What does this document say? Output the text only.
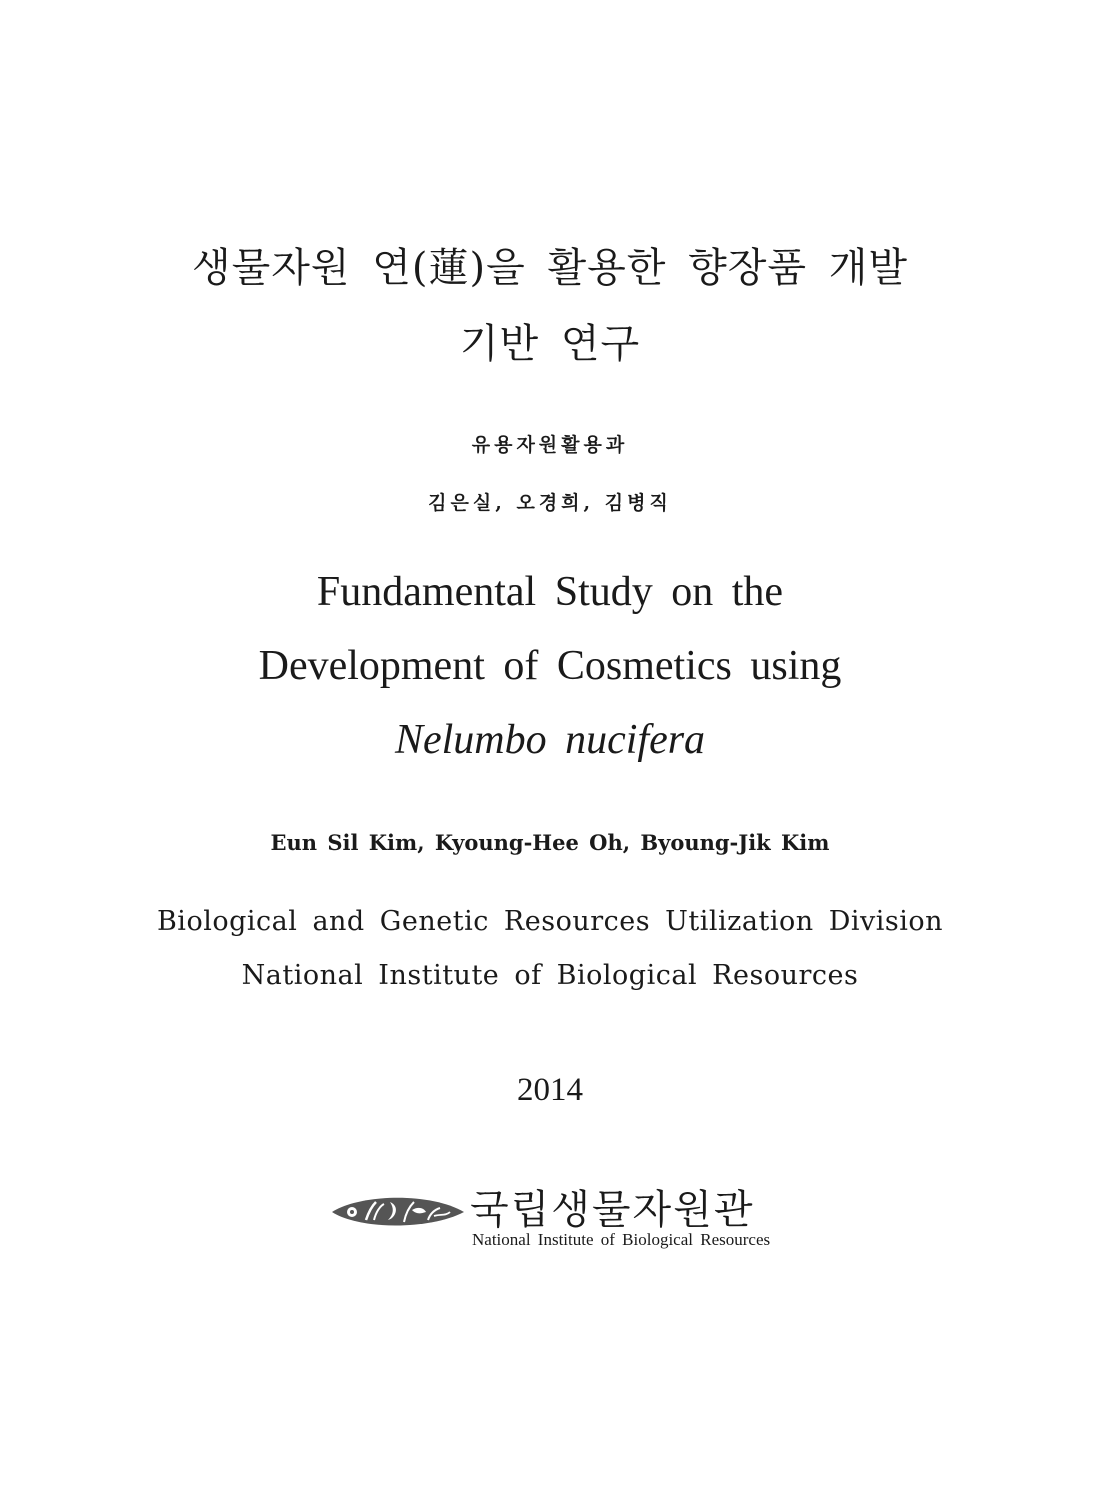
생물자원 연(蓮)을 활용한 향장품 개발
기반 연구
유용자원활용과
김은실, 오경희, 김병직
Fundamental Study on the
Development of Cosmetics using
Nelumbo nucifera
Eun Sil Kim, Kyoung-Hee Oh, Byoung-Jik Kim
Biological and Genetic Resources Utilization Division
National Institute of Biological Resources
2014
국립생물자원관
National Institute of Biological Resources
